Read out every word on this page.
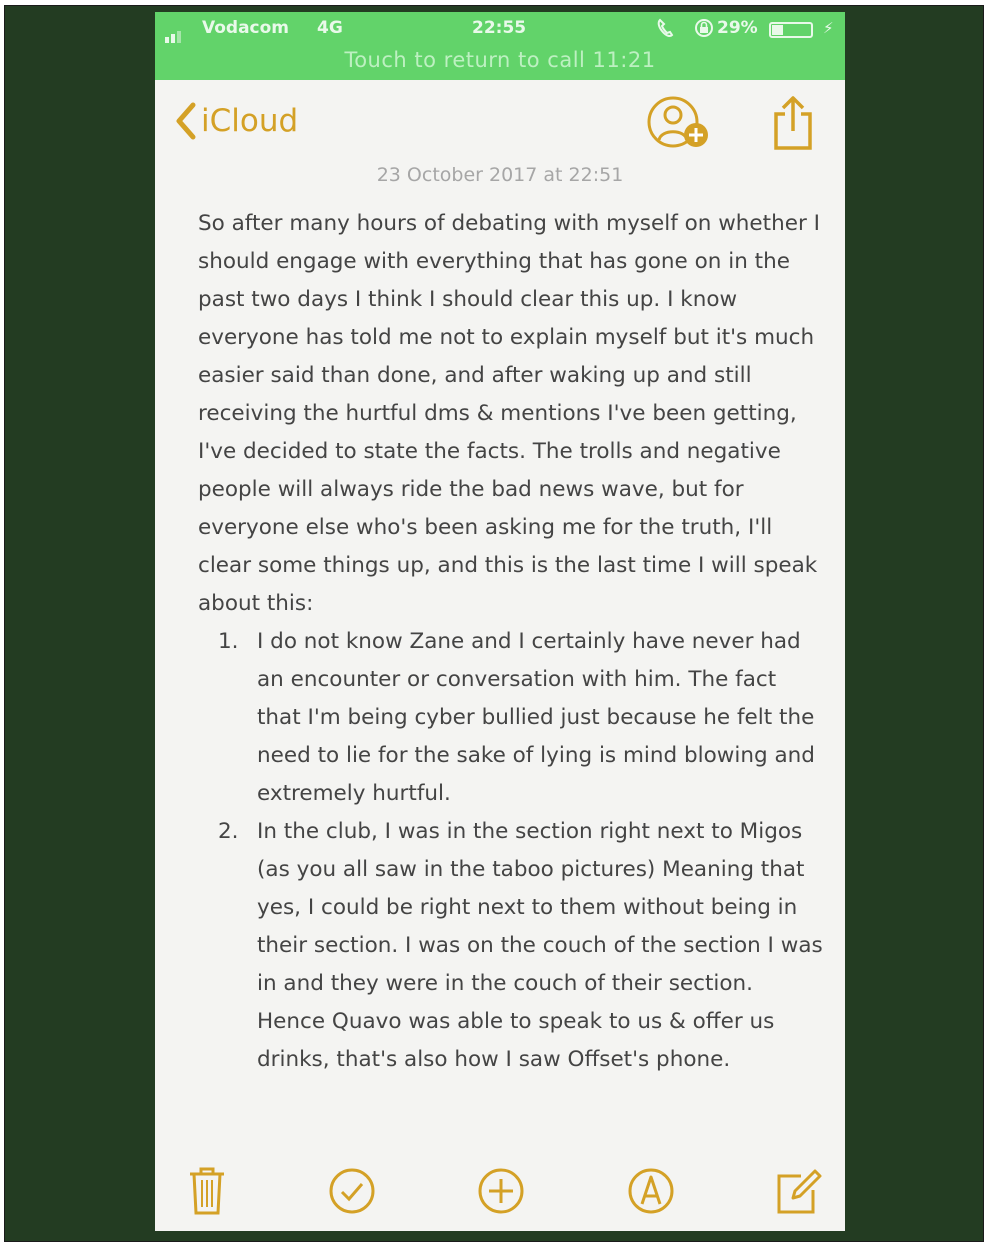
Vodacom 4G	22:55
	29%	⚡
Touch to return to call 11:21
iCloud
23 October 2017 at 22:51

So after many hours of debating with myself on whether I should engage with everything that has gone on in the past two days I think I should clear this up. I know everyone has told me not to explain myself but it's much easier said than done, and after waking up and still receiving the hurtful dms & mentions I've been getting, I've decided to state the facts. The trolls and negative people will always ride the bad news wave, but for everyone else who's been asking me for the truth, I'll clear some things up, and this is the last time I will speak about this:

1. I do not know Zane and I certainly have never had an encounter or conversation with him. The fact that I'm being cyber bullied just because he felt the need to lie for the sake of lying is mind blowing and extremely hurtful.
2. In the club, I was in the section right next to Migos (as you all saw in the taboo pictures) Meaning that yes, I could be right next to them without being in their section. I was on the couch of the section I was in and they were in the couch of their section. Hence Quavo was able to speak to us & offer us drinks, that's also how I saw Offset's phone.
